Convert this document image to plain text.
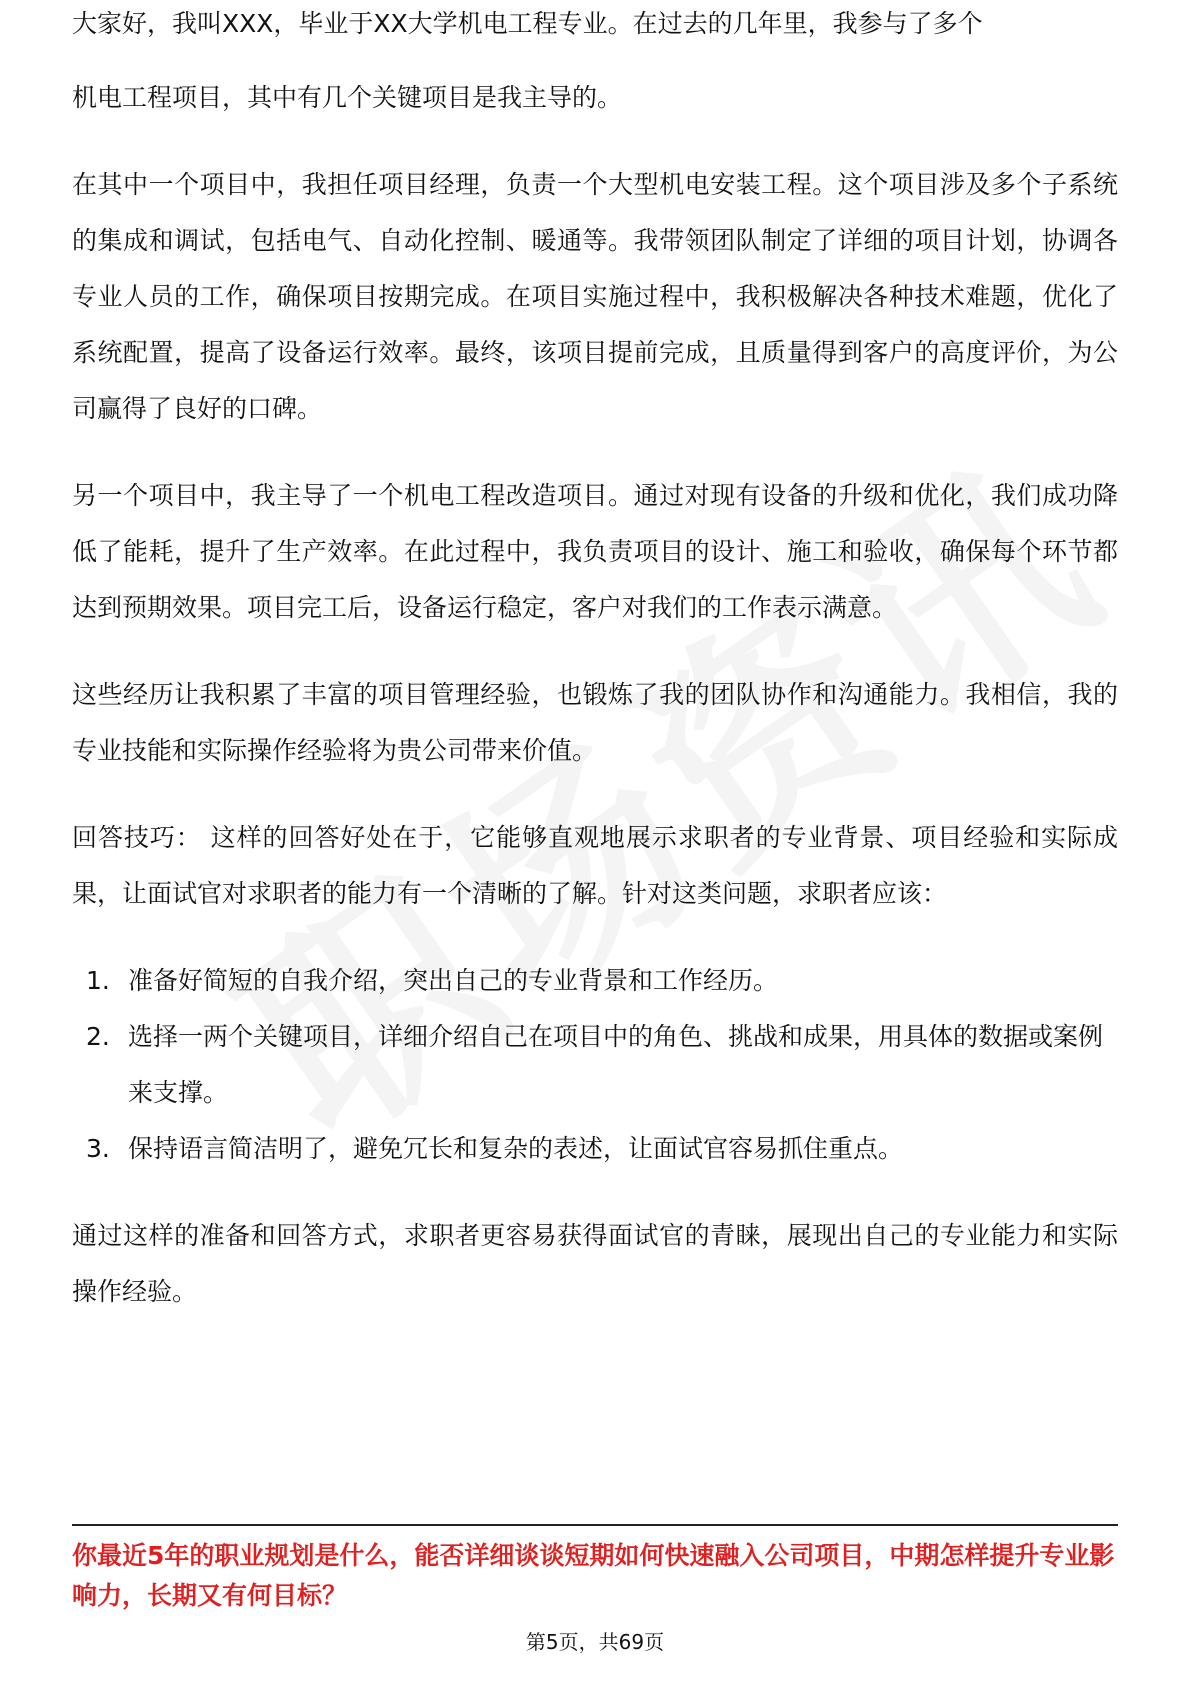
大家好，我叫XXX，毕业于XX大学机电工程专业。在过去的几年里，我参与了多个

机电工程项目，其中有几个关键项目是我主导的。

在其中一个项目中，我担任项目经理，负责一个大型机电安装工程。这个项目涉及多个子系统的集成和调试，包括电气、自动化控制、暖通等。我带领团队制定了详细的项目计划，协调各专业人员的工作，确保项目按期完成。在项目实施过程中，我积极解决各种技术难题，优化了系统配置，提高了设备运行效率。最终，该项目提前完成，且质量得到客户的高度评价，为公司赢得了良好的口碑。

另一个项目中，我主导了一个机电工程改造项目。通过对现有设备的升级和优化，我们成功降低了能耗，提升了生产效率。在此过程中，我负责项目的设计、施工和验收，确保每个环节都达到预期效果。项目完工后，设备运行稳定，客户对我们的工作表示满意。

这些经历让我积累了丰富的项目管理经验，也锻炼了我的团队协作和沟通能力。我相信，我的专业技能和实际操作经验将为贵公司带来价值。

回答技巧： 这样的回答好处在于，它能够直观地展示求职者的专业背景、项目经验和实际成果，让面试官对求职者的能力有一个清晰的了解。针对这类问题，求职者应该：

1. 准备好简短的自我介绍，突出自己的专业背景和工作经历。
2. 选择一两个关键项目，详细介绍自己在项目中的角色、挑战和成果，用具体的数据或案例来支撑。
3. 保持语言简洁明了，避免冗长和复杂的表述，让面试官容易抓住重点。

通过这样的准备和回答方式，求职者更容易获得面试官的青睐，展现出自己的专业能力和实际操作经验。

你最近5年的职业规划是什么，能否详细谈谈短期如何快速融入公司项目，中期怎样提升专业影响力，长期又有何目标？

第5页，共69页
